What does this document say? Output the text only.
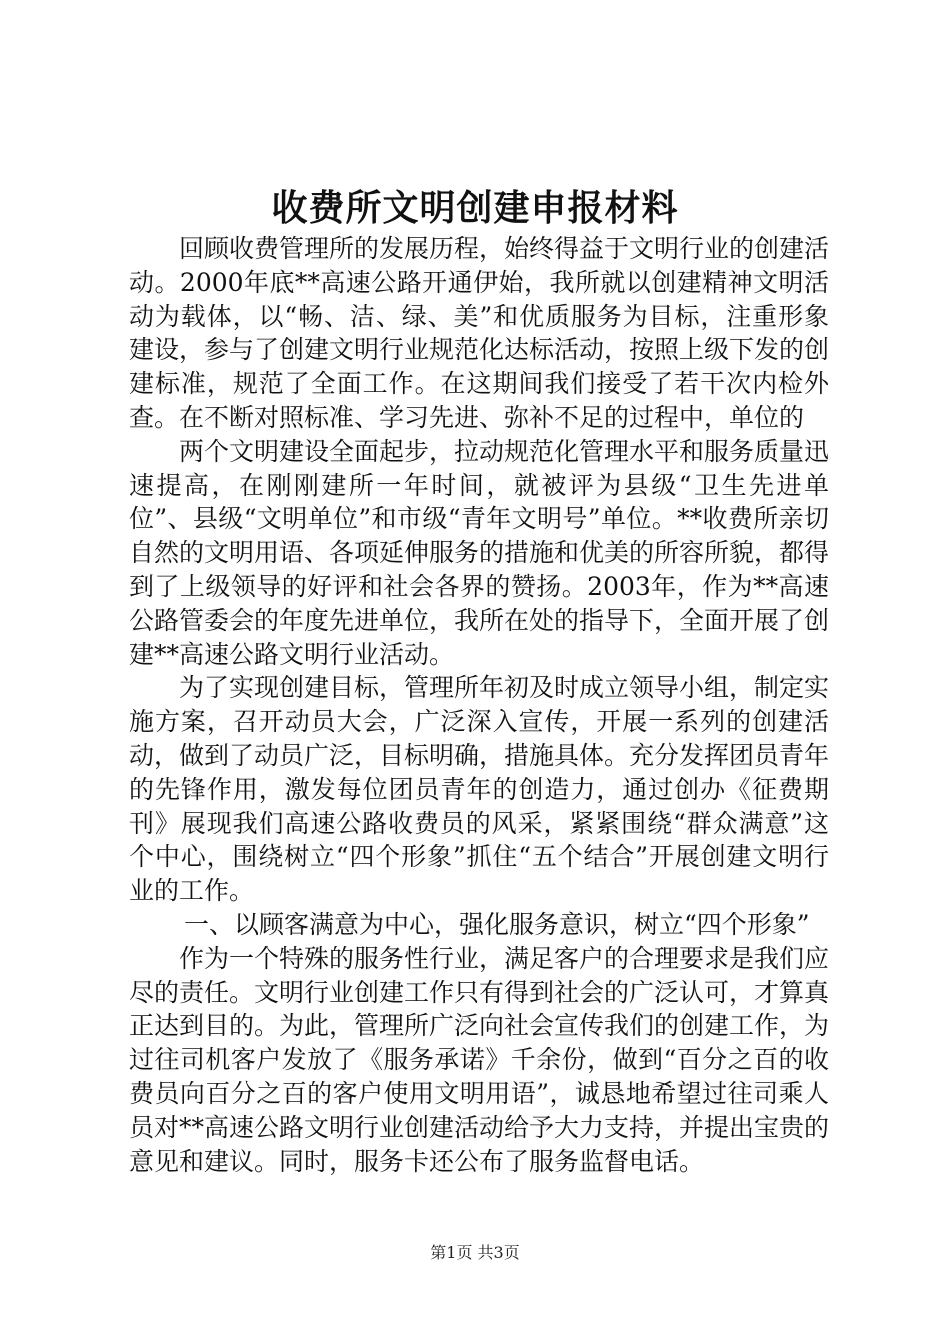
收费所文明创建申报材料

回顾收费管理所的发展历程，始终得益于文明行业的创建活动。2000年底**高速公路开通伊始，我所就以创建精神文明活动为载体，以“畅、洁、绿、美”和优质服务为目标，注重形象建设，参与了创建文明行业规范化达标活动，按照上级下发的创建标准，规范了全面工作。在这期间我们接受了若干次内检外查。在不断对照标准、学习先进、弥补不足的过程中，单位的

两个文明建设全面起步，拉动规范化管理水平和服务质量迅速提高，在刚刚建所一年时间，就被评为县级“卫生先进单位”、县级“文明单位”和市级“青年文明号”单位。**收费所亲切自然的文明用语、各项延伸服务的措施和优美的所容所貌，都得到了上级领导的好评和社会各界的赞扬。2003年，作为**高速公路管委会的年度先进单位，我所在处的指导下，全面开展了创建**高速公路文明行业活动。

为了实现创建目标，管理所年初及时成立领导小组，制定实施方案，召开动员大会，广泛深入宣传，开展一系列的创建活动，做到了动员广泛，目标明确，措施具体。充分发挥团员青年的先锋作用，激发每位团员青年的创造力，通过创办《征费期刊》展现我们高速公路收费员的风采，紧紧围绕“群众满意”这个中心，围绕树立“四个形象”抓住“五个结合”开展创建文明行业的工作。

一、以顾客满意为中心，强化服务意识，树立“四个形象”

作为一个特殊的服务性行业，满足客户的合理要求是我们应尽的责任。文明行业创建工作只有得到社会的广泛认可，才算真正达到目的。为此，管理所广泛向社会宣传我们的创建工作，为过往司机客户发放了《服务承诺》千余份，做到“百分之百的收费员向百分之百的客户使用文明用语”，诚恳地希望过往司乘人员对**高速公路文明行业创建活动给予大力支持，并提出宝贵的意见和建议。同时，服务卡还公布了服务监督电话。

第1页 共3页
